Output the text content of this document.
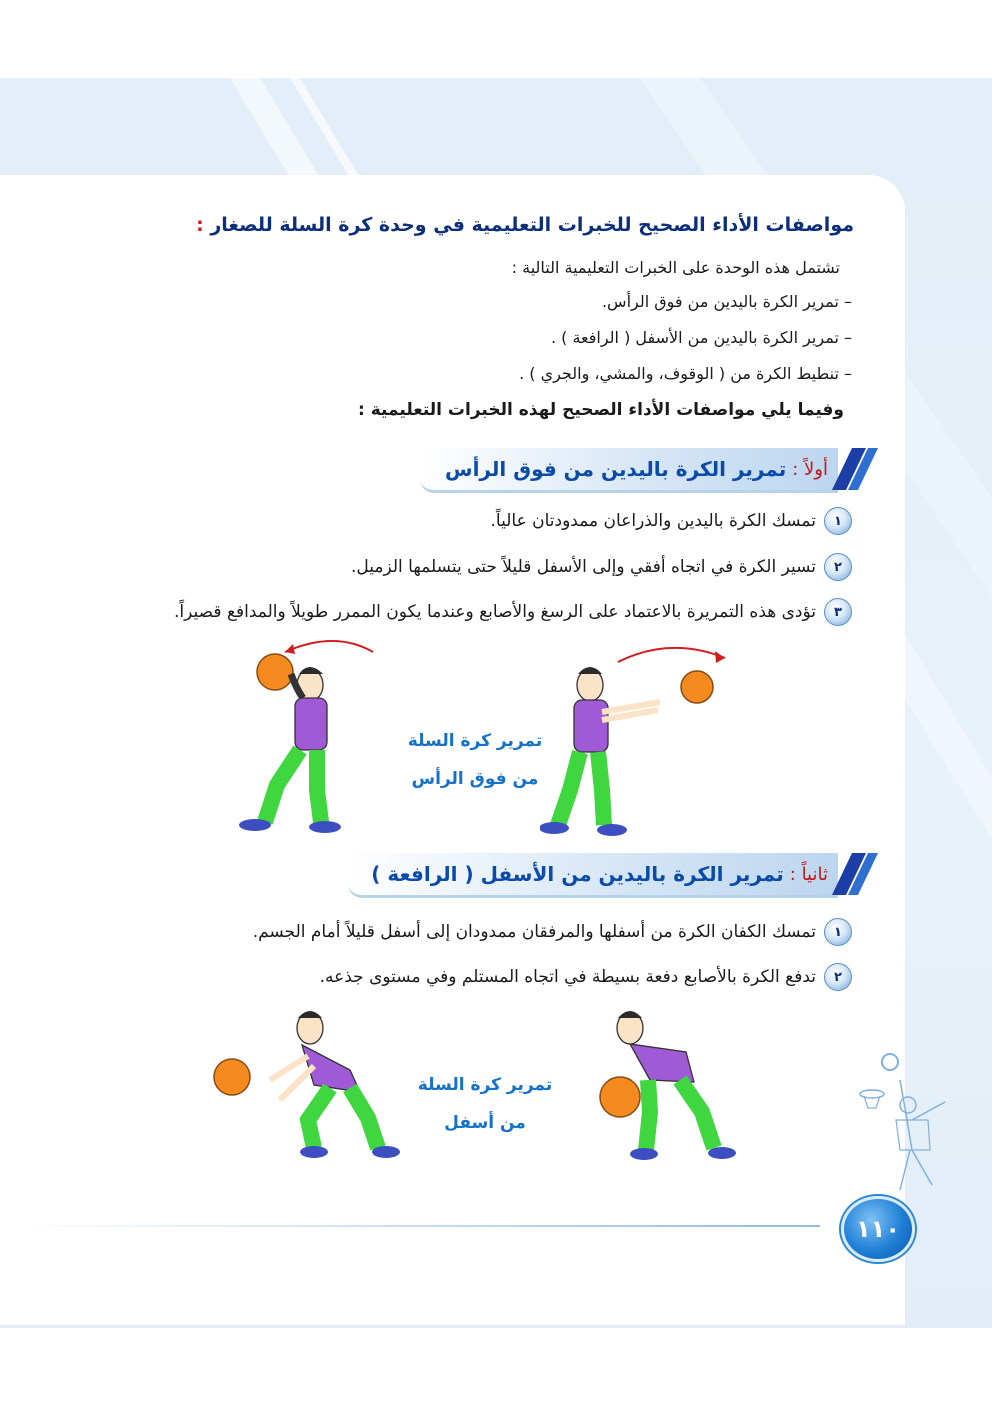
مواصفات الأداء الصحيح للخبرات التعليمية في وحدة كرة السلة للصغار :
تشتمل هذه الوحدة على الخبرات التعليمية التالية :
– تمرير الكرة باليدين من فوق الرأس.
– تمرير الكرة باليدين من الأسفل ( الرافعة ) .
– تنطيط الكرة من ( الوقوف، والمشي، والجري ) .
وفيما يلي مواصفات الأداء الصحيح لهذه الخبرات التعليمية :
أولاً :
تمرير الكرة باليدين من فوق الرأس
١
تمسك الكرة باليدين والذراعان ممدودتان عالياً.
٢
تسير الكرة في اتجاه أفقي وإلى الأسفل قليلاً حتى يتسلمها الزميل.
٣
تؤدى هذه التمريرة بالاعتماد على الرسغ والأصابع وعندما يكون الممرر طويلاً والمدافع قصيراً.
تمرير كرة السلة
من فوق الرأس
ثانياً :
تمرير الكرة باليدين من الأسفل ( الرافعة )
١
تمسك الكفان الكرة من أسفلها والمرفقان ممدودان إلى أسفل قليلاً أمام الجسم.
٢
تدفع الكرة بالأصابع دفعة بسيطة في اتجاه المستلم وفي مستوى جذعه.
تمرير كرة السلة
من أسفل
١١٠
